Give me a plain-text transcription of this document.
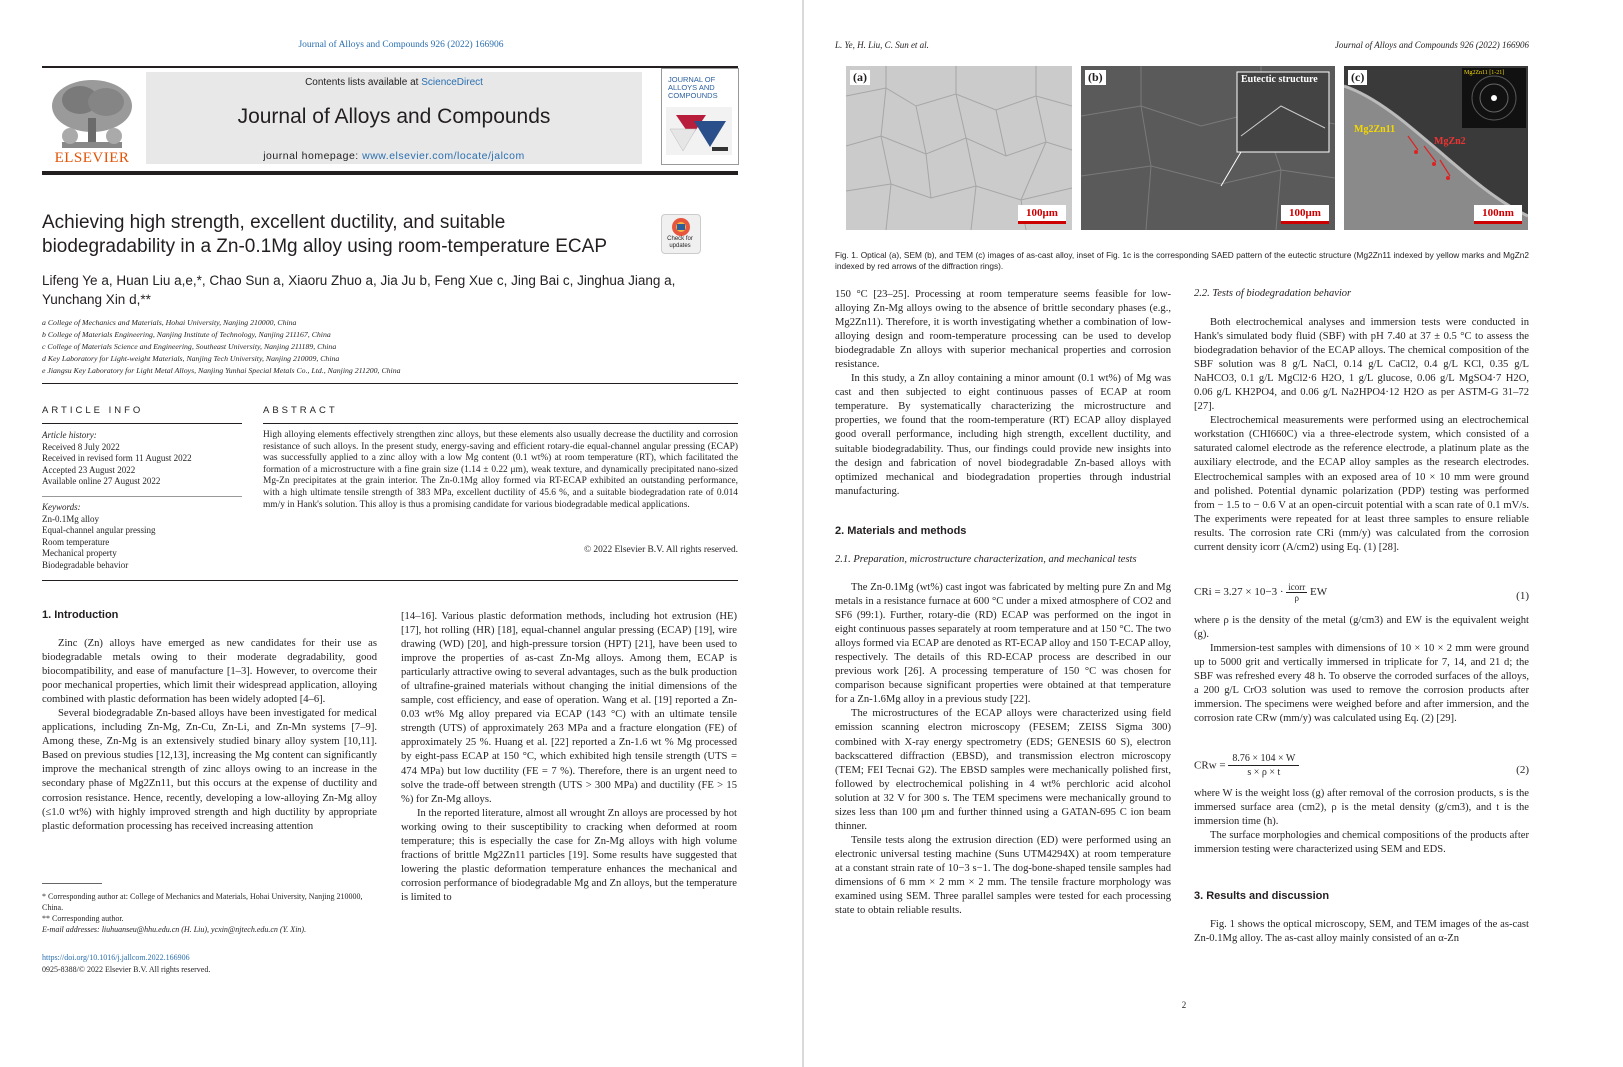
Journal of Alloys and Compounds 926 (2022) 166906
ELSEVIER
Contents lists available at ScienceDirect
Journal of Alloys and Compounds
journal homepage: www.elsevier.com/locate/jalcom
JOURNAL OF ALLOYS AND COMPOUNDS
Achieving high strength, excellent ductility, and suitable biodegradability in a Zn-0.1Mg alloy using room-temperature ECAP	Check for updates
Lifeng Ye a, Huan Liu a,e,*, Chao Sun a, Xiaoru Zhuo a, Jia Ju b, Feng Xue c, Jing Bai c, Jinghua Jiang a, Yunchang Xin d,**
a College of Mechanics and Materials, Hohai University, Nanjing 210000, China
b College of Materials Engineering, Nanjing Institute of Technology, Nanjing 211167, China
c College of Materials Science and Engineering, Southeast University, Nanjing 211189, China
d Key Laboratory for Light-weight Materials, Nanjing Tech University, Nanjing 210009, China
e Jiangsu Key Laboratory for Light Metal Alloys, Nanjing Yunhai Special Metals Co., Ltd., Nanjing 211200, China
ARTICLE INFO
Article history:
Received 8 July 2022
Received in revised form 11 August 2022
Accepted 23 August 2022
Available online 27 August 2022
Keywords:
Zn-0.1Mg alloy
Equal-channel angular pressing
Room temperature
Mechanical property
Biodegradable behavior
ABSTRACT
High alloying elements effectively strengthen zinc alloys, but these elements also usually decrease the ductility and corrosion resistance of such alloys. In the present study, energy-saving and efficient rotary-die equal-channel angular pressing (ECAP) was successfully applied to a zinc alloy with a low Mg content (0.1 wt%) at room temperature (RT), which facilitated the formation of a microstructure with a fine grain size (1.14 ± 0.22 μm), weak texture, and dynamically precipitated nano-sized Mg-Zn precipitates at the grain interior. The Zn-0.1Mg alloy formed via RT-ECAP exhibited an outstanding performance, with a high ultimate tensile strength of 383 MPa, excellent ductility of 45.6 %, and a suitable biodegradation rate of 0.014 mm/y in Hank's solution. This alloy is thus a promising candidate for various biodegradable medical applications.
© 2022 Elsevier B.V. All rights reserved.
1. Introduction

Zinc (Zn) alloys have emerged as new candidates for their use as biodegradable metals owing to their moderate degradability, good biocompatibility, and ease of manufacture [1–3]. However, to overcome their poor mechanical properties, which limit their widespread application, alloying combined with plastic deformation has been widely adopted [4–6].

Several biodegradable Zn-based alloys have been investigated for medical applications, including Zn-Mg, Zn-Cu, Zn-Li, and Zn-Mn systems [7–9]. Among these, Zn-Mg is an extensively studied binary alloy system [10,11]. Based on previous studies [12,13], increasing the Mg content can significantly improve the mechanical strength of zinc alloys owing to an increase in the secondary phase of Mg2Zn11, but this occurs at the expense of ductility and corrosion resistance. Hence, recently, developing a low-alloying Zn-Mg alloy (≤1.0 wt%) with highly improved strength and high ductility by appropriate plastic deformation processing has received increasing attention

[14–16]. Various plastic deformation methods, including hot extrusion (HE) [17], hot rolling (HR) [18], equal-channel angular pressing (ECAP) [19], wire drawing (WD) [20], and high-pressure torsion (HPT) [21], have been used to improve the properties of as-cast Zn-Mg alloys. Among them, ECAP is particularly attractive owing to several advantages, such as the bulk production of ultrafine-grained materials without changing the initial dimensions of the sample, cost efficiency, and ease of operation. Wang et al. [19] reported a Zn-0.03 wt% Mg alloy prepared via ECAP (143 °C) with an ultimate tensile strength (UTS) of approximately 263 MPa and a fracture elongation (FE) of approximately 25 %. Huang et al. [22] reported a Zn-1.6 wt % Mg processed by eight-pass ECAP at 150 °C, which exhibited high tensile strength (UTS = 474 MPa) but low ductility (FE = 7 %). Therefore, there is an urgent need to solve the trade-off between strength (UTS > 300 MPa) and ductility (FE > 15 %) for Zn-Mg alloys.

In the reported literature, almost all wrought Zn alloys are processed by hot working owing to their susceptibility to cracking when deformed at room temperature; this is especially the case for Zn-Mg alloys with high volume fractions of brittle Mg2Zn11 particles [19]. Some results have suggested that lowering the plastic deformation temperature enhances the mechanical and corrosion performance of biodegradable Mg and Zn alloys, but the temperature is limited to

* Corresponding author at: College of Mechanics and Materials, Hohai University, Nanjing 210000, China.
** Corresponding author.
E-mail addresses: liuhuanseu@hhu.edu.cn (H. Liu), ycxin@njtech.edu.cn (Y. Xin).
https://doi.org/10.1016/j.jallcom.2022.166906
0925-8388/© 2022 Elsevier B.V. All rights reserved.
L. Ye, H. Liu, C. Sun et al.	Journal of Alloys and Compounds 926 (2022) 166906
(a)
100μm
(b)	Eutectic structure
100μm
(c)
Mg2Zn11
MgZn2
Mg2Zn11 [1-21]
100nm
Fig. 1. Optical (a), SEM (b), and TEM (c) images of as-cast alloy, inset of Fig. 1c is the corresponding SAED pattern of the eutectic structure (Mg2Zn11 indexed by yellow marks and MgZn2 indexed by red arrows of the diffraction rings).

150 °C [23–25]. Processing at room temperature seems feasible for low-alloying Zn-Mg alloys owing to the absence of brittle secondary phases (e.g., Mg2Zn11). Therefore, it is worth investigating whether a combination of low-alloying design and room-temperature processing can be used to develop biodegradable Zn alloys with superior mechanical properties and corrosion resistance.

In this study, a Zn alloy containing a minor amount (0.1 wt%) of Mg was cast and then subjected to eight continuous passes of ECAP at room temperature. By systematically characterizing the microstructure and properties, we found that the room-temperature (RT) ECAP alloy displayed good overall performance, including high strength, excellent ductility, and suitable biodegradability. Thus, our findings could provide new insights into the design and fabrication of novel biodegradable Zn-based alloys with optimized mechanical and biodegradation properties through industrial manufacturing.

2. Materials and methods
2.1. Preparation, microstructure characterization, and mechanical tests

The Zn-0.1Mg (wt%) cast ingot was fabricated by melting pure Zn and Mg metals in a resistance furnace at 600 °C under a mixed atmosphere of CO2 and SF6 (99:1). Further, rotary-die (RD) ECAP was performed on the ingot in eight continuous passes separately at room temperature and at 150 °C. The two alloys formed via ECAP are denoted as RT-ECAP alloy and 150 T-ECAP alloy, respectively. The details of this RD-ECAP process are described in our previous work [26]. A processing temperature of 150 °C was chosen for comparison because significant properties were obtained at that temperature for a Zn-1.6Mg alloy in a previous study [22].

The microstructures of the ECAP alloys were characterized using field emission scanning electron microscopy (FESEM; ZEISS Sigma 300) combined with X-ray energy spectrometry (EDS; GENESIS 60 S), electron backscattered diffraction (EBSD), and transmission electron microscopy (TEM; FEI Tecnai G2). The EBSD samples were mechanically polished first, followed by electrochemical polishing in 4 wt% perchloric acid alcohol solution at 32 V for 300 s. The TEM specimens were mechanically ground to sizes less than 100 μm and further thinned using a GATAN-695 C ion beam thinner.

Tensile tests along the extrusion direction (ED) were performed using an electronic universal testing machine (Suns UTM4294X) at room temperature at a constant strain rate of 10−3 s−1. The dog-bone-shaped tensile samples had dimensions of 6 mm × 2 mm × 2 mm. The tensile fracture morphology was examined using SEM. Three parallel samples were tested for each processing state to obtain reliable results.

2.2. Tests of biodegradation behavior

Both electrochemical analyses and immersion tests were conducted in Hank's simulated body fluid (SBF) with pH 7.40 at 37 ± 0.5 °C to assess the biodegradation behavior of the ECAP alloys. The chemical composition of the SBF solution was 8 g/L NaCl, 0.14 g/L CaCl2, 0.4 g/L KCl, 0.35 g/L NaHCO3, 0.1 g/L MgCl2·6 H2O, 1 g/L glucose, 0.06 g/L MgSO4·7 H2O, 0.06 g/L KH2PO4, and 0.06 g/L Na2HPO4·12 H2O as per ASTM-G 31–72 [27].

Electrochemical measurements were performed using an electrochemical workstation (CHI660C) via a three-electrode system, which consisted of a saturated calomel electrode as the reference electrode, a platinum plate as the auxiliary electrode, and the ECAP alloy samples as the research electrodes. Electrochemical samples with an exposed area of 10 × 10 mm were ground and polished. Potential dynamic polarization (PDP) testing was performed from − 1.5 to − 0.6 V at an open-circuit potential with a scan rate of 0.1 mV/s. The experiments were repeated for at least three samples to ensure reliable results. The corrosion rate CRi (mm/y) was calculated from the corrosion current density icorr (A/cm2) using Eq. (1) [28].

CRi = 3.27 × 10−3 · icorr
ρ	EW	(1)

where ρ is the density of the metal (g/cm3) and EW is the equivalent weight (g).

Immersion-test samples with dimensions of 10 × 10 × 2 mm were ground up to 5000 grit and vertically immersed in triplicate for 7, 14, and 21 d; the SBF was refreshed every 48 h. To observe the corroded surfaces of the alloys, a 200 g/L CrO3 solution was used to remove the corrosion products after immersion. The specimens were weighed before and after immersion, and the corrosion rate CRw (mm/y) was calculated using Eq. (2) [29].

CRw = $\frac{8.76 \times 104 \times W}{s \times \rho \times t}$	(2)

where W is the weight loss (g) after removal of the corrosion products, s is the immersed surface area (cm2), ρ is the metal density (g/cm3), and t is the immersion time (h).

The surface morphologies and chemical compositions of the products after immersion testing were characterized using SEM and EDS.

3. Results and discussion
Fig. 1 shows the optical microscopy, SEM, and TEM images of the as-cast Zn-0.1Mg alloy. The as-cast alloy mainly consisted of an α-Zn
2
